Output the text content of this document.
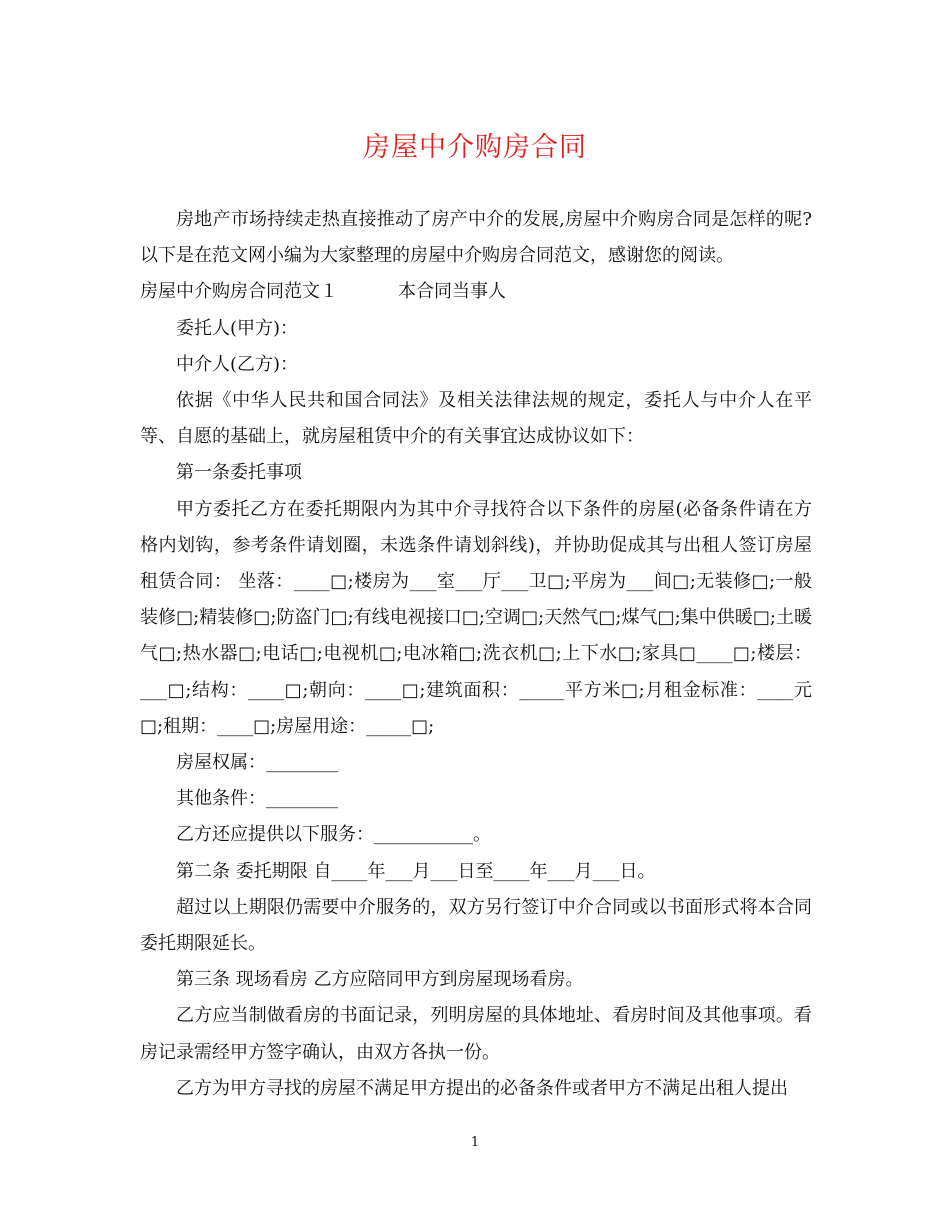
房屋中介购房合同

房地产市场持续走热直接推动了房产中介的发展,房屋中介购房合同是怎样的呢?以下是在范文网小编为大家整理的房屋中介购房合同范文，感谢您的阅读。

房屋中介购房合同范文１	本合同当事人

委托人(甲方)：

中介人(乙方)：

依据《中华人民共和国合同法》及相关法律法规的规定，委托人与中介人在平等、自愿的基础上，就房屋租赁中介的有关事宜达成协议如下：

第一条委托事项

甲方委托乙方在委托期限内为其中介寻找符合以下条件的房屋(必备条件请在方格内划钩，参考条件请划圈，未选条件请划斜线)，并协助促成其与出租人签订房屋租赁合同： 坐落：____□;楼房为___室___厅___卫□;平房为___间□;无装修□;一般装修□;精装修□;防盗门□;有线电视接口□;空调□;天然气□;煤气□;集中供暖□;土暖气□;热水器□;电话□;电视机□;电冰箱□;洗衣机□;上下水□;家具□____□;楼层：___□;结构：____□;朝向：____□;建筑面积：_____平方米□;月租金标准：____元□;租期：____□;房屋用途：_____□;

房屋权属：________

其他条件：________

乙方还应提供以下服务：___________。

第二条 委托期限 自____年___月___日至____年___月___日。

超过以上期限仍需要中介服务的，双方另行签订中介合同或以书面形式将本合同委托期限延长。

第三条 现场看房 乙方应陪同甲方到房屋现场看房。

乙方应当制做看房的书面记录，列明房屋的具体地址、看房时间及其他事项。看房记录需经甲方签字确认，由双方各执一份。

乙方为甲方寻找的房屋不满足甲方提出的必备条件或者甲方不满足出租人提出

1
